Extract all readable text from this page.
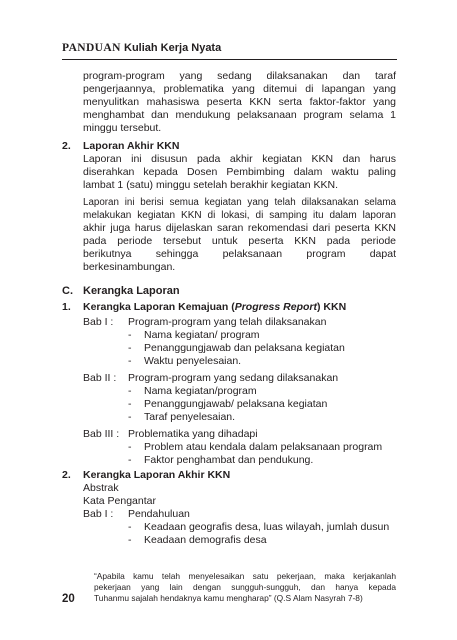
PANDUAN Kuliah Kerja Nyata
program-program yang sedang dilaksanakan dan taraf
pengerjaannya, problematika yang ditemui di lapangan yang
menyulitkan mahasiswa peserta KKN serta faktor-faktor yang
menghambat dan mendukung pelaksanaan program selama 1
minggu tersebut.
2. Laporan Akhir KKN
Laporan ini disusun pada akhir kegiatan KKN dan harus
diserahkan kepada Dosen Pembimbing dalam waktu paling
lambat 1 (satu) minggu setelah berakhir kegiatan KKN.
Laporan ini berisi semua kegiatan yang telah dilaksanakan selama
melakukan kegiatan KKN di lokasi, di samping itu dalam laporan
akhir juga harus dijelaskan saran rekomendasi dari peserta KKN
pada periode tersebut untuk peserta KKN pada periode
berikutnya sehingga pelaksanaan program dapat
berkesinambungan.
C. Kerangka Laporan
1. Kerangka Laporan Kemajuan (Progress Report) KKN
Bab I : Program-program yang telah dilaksanakan
- Nama kegiatan/ program
- Penanggungjawab dan pelaksana kegiatan
- Waktu penyelesaian.
Bab II : Program-program yang sedang dilaksanakan
- Nama kegiatan/program
- Penanggungjawab/ pelaksana kegiatan
- Taraf penyelesaian.
Bab III : Problematika yang dihadapi
- Problem atau kendala dalam pelaksanaan program
- Faktor penghambat dan pendukung.
2. Kerangka Laporan Akhir KKN
Abstrak
Kata Pengantar
Bab I : Pendahuluan
- Keadaan geografis desa, luas wilayah, jumlah dusun
- Keadaan demografis desa
“Apabila kamu telah menyelesaikan satu pekerjaan, maka kerjakanlah
pekerjaan yang lain dengan sungguh-sungguh, dan hanya kepada
Tuhanmu sajalah hendaknya kamu mengharap” (Q.S Alam Nasyrah 7-8)
20
